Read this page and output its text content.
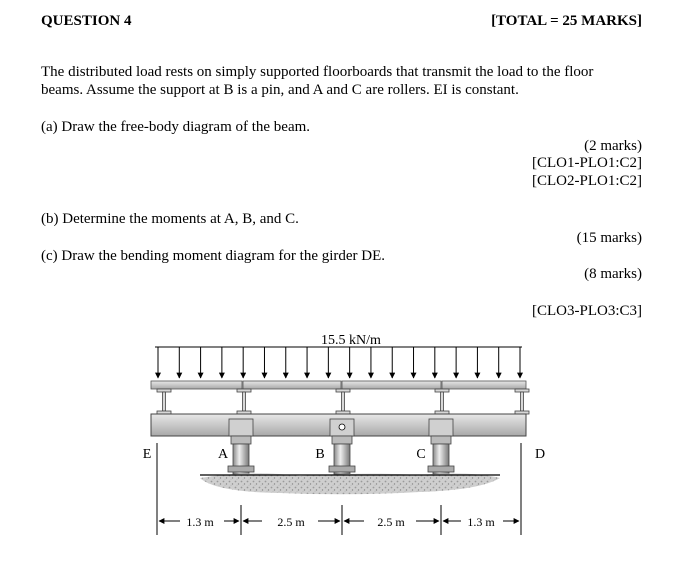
QUESTION 4	[TOTAL = 25 MARKS]
The distributed load rests on simply supported floorboards that transmit the load to the floor
beams. Assume the support at B is a pin, and A and C are rollers. EI is constant.
(a) Draw the free-body diagram of the beam.
(2 marks)
[CLO1-PLO1:C2]
[CLO2-PLO1:C2]
(b) Determine the moments at A, B, and C.
(15 marks)
(c) Draw the bending moment diagram for the girder DE.
(8 marks)
[CLO3-PLO3:C3]
15.5 kN/m
E	A	B	C	D
1.3 m	2.5 m	2.5 m	1.3 m
